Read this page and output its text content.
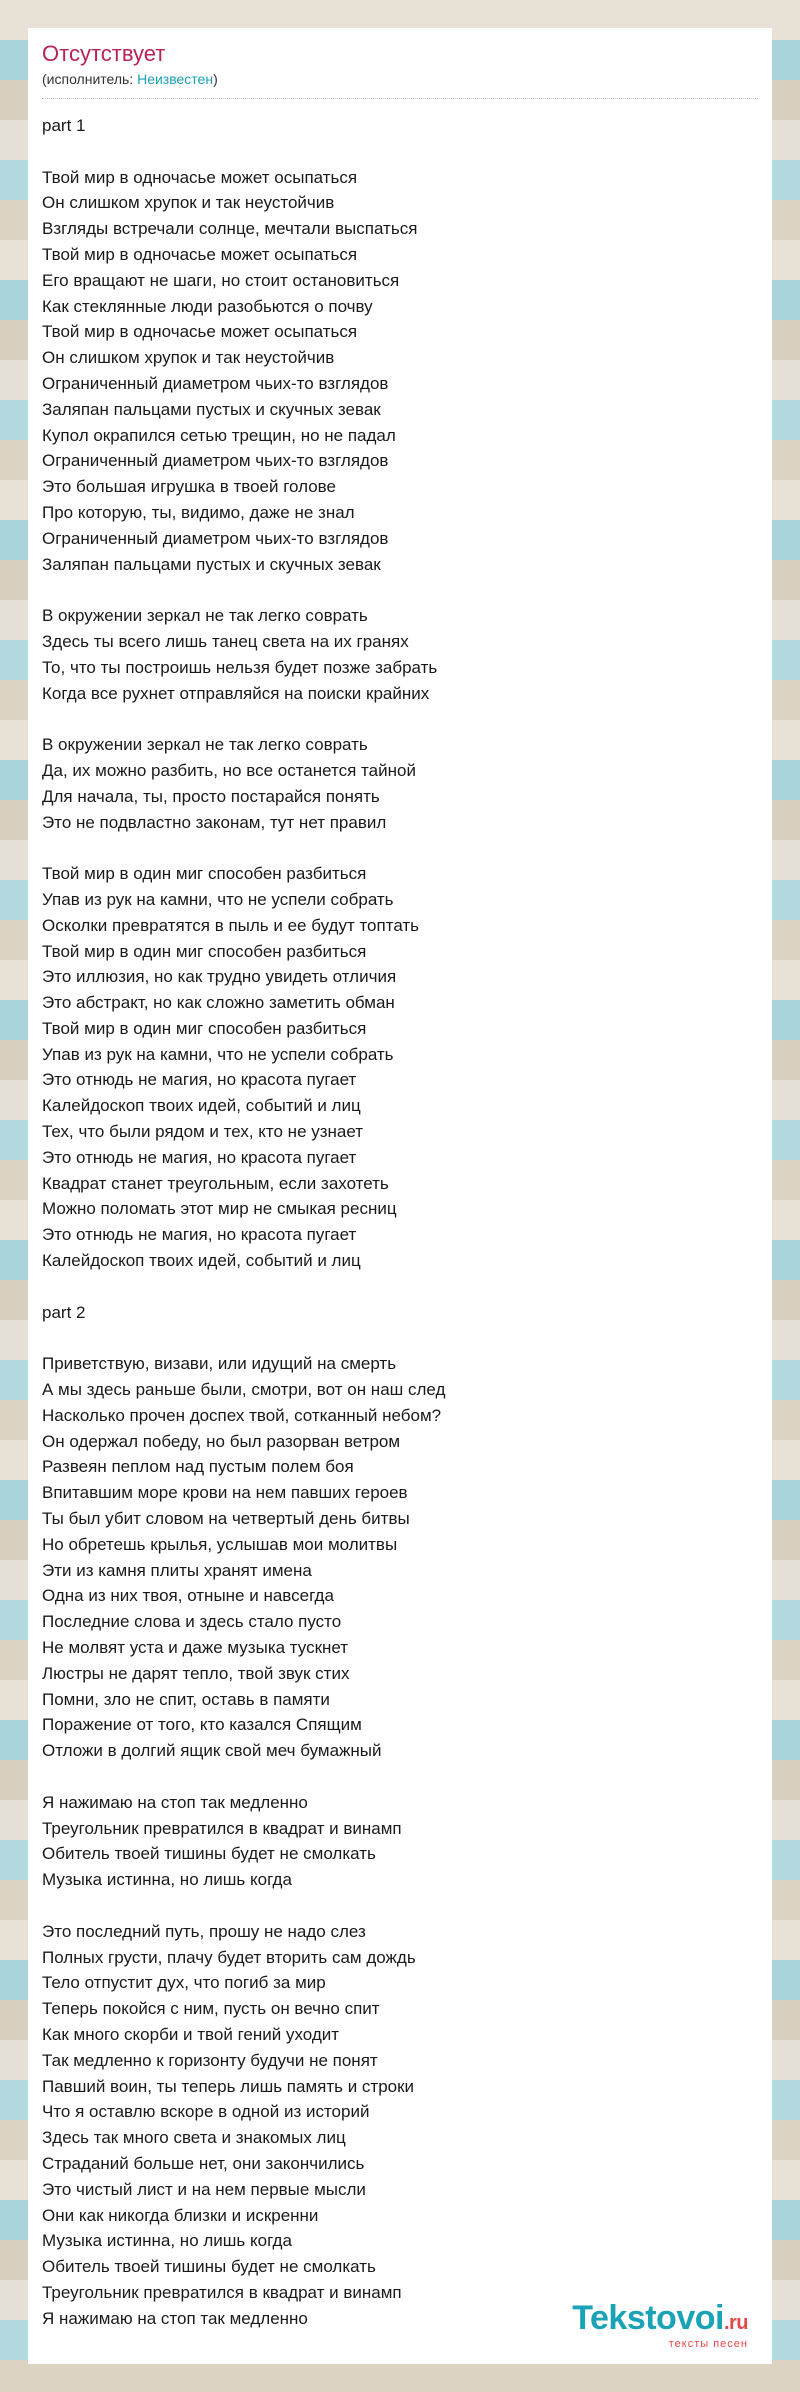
Отсутствует
(исполнитель: Неизвестен)
part 1

Твой мир в одночасье может осыпаться
Он слишком хрупок и так неустойчив
Взгляды встречали солнце, мечтали выспаться
Твой мир в одночасье может осыпаться
Его вращают не шаги, но стоит остановиться
Как стеклянные люди разобьются о почву
Твой мир в одночасье может осыпаться
Он слишком хрупок и так неустойчив
Ограниченный диаметром чьих-то взглядов
Заляпан пальцами пустых и скучных зевак
Купол окрапился сетью трещин, но не падал
Ограниченный диаметром чьих-то взглядов
Это большая игрушка в твоей голове
Про которую, ты, видимо, даже не знал
Ограниченный диаметром чьих-то взглядов
Заляпан пальцами пустых и скучных зевак

В окружении зеркал не так легко соврать
Здесь ты всего лишь танец света на их гранях
То, что ты построишь нельзя будет позже забрать
Когда все рухнет отправляйся на поиски крайних

В окружении зеркал не так легко соврать
Да, их можно разбить, но все останется тайной
Для начала, ты, просто постарайся понять
Это не подвластно законам, тут нет правил

Твой мир в один миг способен разбиться
Упав из рук на камни, что не успели собрать
Осколки превратятся в пыль и ее будут топтать
Твой мир в один миг способен разбиться
Это иллюзия, но как трудно увидеть отличия
Это абстракт, но как сложно заметить обман
Твой мир в один миг способен разбиться
Упав из рук на камни, что не успели собрать
Это отнюдь не магия, но красота пугает
Калейдоскоп твоих идей, событий и лиц
Тех, что были рядом и тех, кто не узнает
Это отнюдь не магия, но красота пугает
Квадрат станет треугольным, если захотеть
Можно поломать этот мир не смыкая ресниц
Это отнюдь не магия, но красота пугает
Калейдоскоп твоих идей, событий и лиц

part 2

Приветствую, визави, или идущий на смерть
А мы здесь раньше были, смотри, вот он наш след
Насколько прочен доспех твой, сотканный небом?
Он одержал победу, но был разорван ветром
Развеян пеплом над пустым полем боя
Впитавшим море крови на нем павших героев
Ты был убит словом на четвертый день битвы
Но обретешь крылья, услышав мои молитвы
Эти из камня плиты хранят имена
Одна из них твоя, отныне и навсегда
Последние слова и здесь стало пусто
Не молвят уста и даже музыка тускнет
Люстры не дарят тепло, твой звук стих
Помни, зло не спит, оставь в памяти
Поражение от того, кто казался Спящим
Отложи в долгий ящик свой меч бумажный

Я нажимаю на стоп так медленно
Треугольник превратился в квадрат и винамп
Обитель твоей тишины будет не смолкать
Музыка истинна, но лишь когда

Это последний путь, прошу не надо слез
Полных грусти, плачу будет вторить сам дождь
Тело отпустит дух, что погиб за мир
Теперь покойся с ним, пусть он вечно спит
Как много скорби и твой гений уходит
Так медленно к горизонту будучи не понят
Павший воин, ты теперь лишь память и строки
Что я оставлю вскоре в одной из историй
Здесь так много света и знакомых лиц
Страданий больше нет, они закончились
Это чистый лист и на нем первые мысли
Они как никогда близки и искренни
Музыка истинна, но лишь когда
Обитель твоей тишины будет не смолкать
Треугольник превратился в квадрат и винамп
Я нажимаю на стоп так медленно	Tekstovoi.ru
тексты песен
